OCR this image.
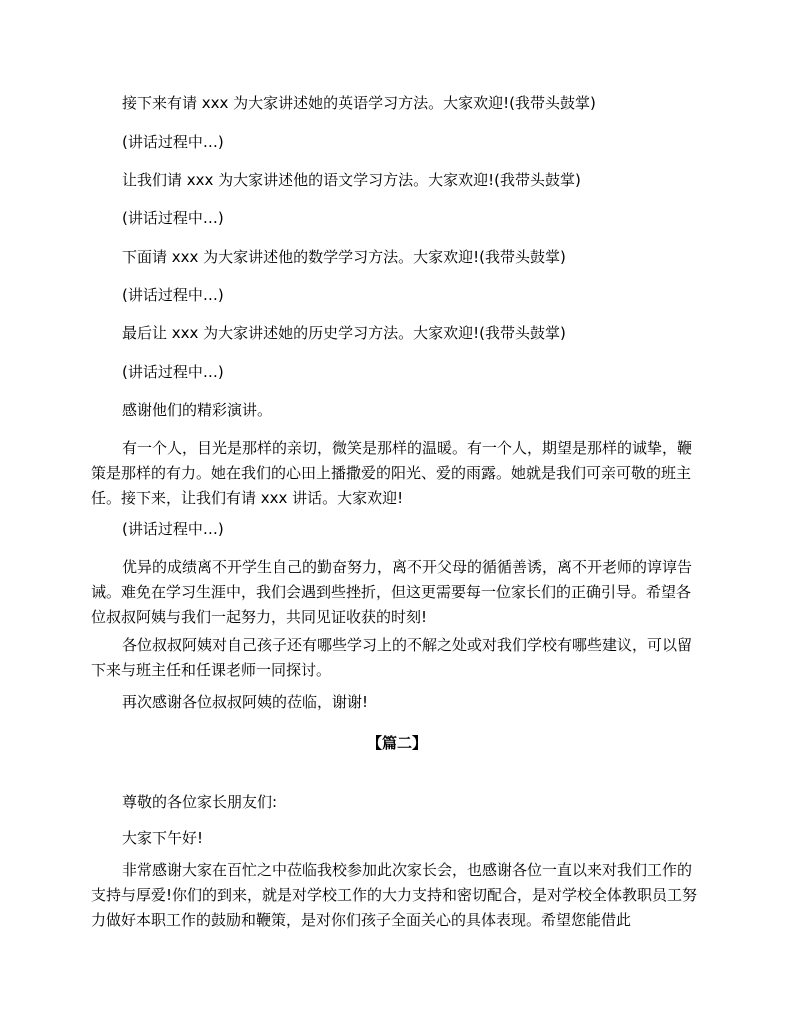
接下来有请 xxx 为大家讲述她的英语学习方法。大家欢迎!(我带头鼓掌)
(讲话过程中…)
让我们请 xxx 为大家讲述他的语文学习方法。大家欢迎!(我带头鼓掌)
(讲话过程中…)
下面请 xxx 为大家讲述他的数学学习方法。大家欢迎!(我带头鼓掌)
(讲话过程中…)
最后让 xxx 为大家讲述她的历史学习方法。大家欢迎!(我带头鼓掌)
(讲话过程中…)
感谢他们的精彩演讲。
有一个人，目光是那样的亲切，微笑是那样的温暖。有一个人，期望是那样的诚挚，鞭策是那样的有力。她在我们的心田上播撒爱的阳光、爱的雨露。她就是我们可亲可敬的班主任。接下来，让我们有请 xxx 讲话。大家欢迎!
(讲话过程中…)
优异的成绩离不开学生自己的勤奋努力，离不开父母的循循善诱，离不开老师的谆谆告诫。难免在学习生涯中，我们会遇到些挫折，但这更需要每一位家长们的正确引导。希望各位叔叔阿姨与我们一起努力，共同见证收获的时刻!
各位叔叔阿姨对自己孩子还有哪些学习上的不解之处或对我们学校有哪些建议，可以留下来与班主任和任课老师一同探讨。
再次感谢各位叔叔阿姨的莅临，谢谢!
【篇二】
尊敬的各位家长朋友们:
大家下午好!
非常感谢大家在百忙之中莅临我校参加此次家长会，也感谢各位一直以来对我们工作的支持与厚爱!你们的到来，就是对学校工作的大力支持和密切配合，是对学校全体教职员工努力做好本职工作的鼓励和鞭策，是对你们孩子全面关心的具体表现。希望您能借此
